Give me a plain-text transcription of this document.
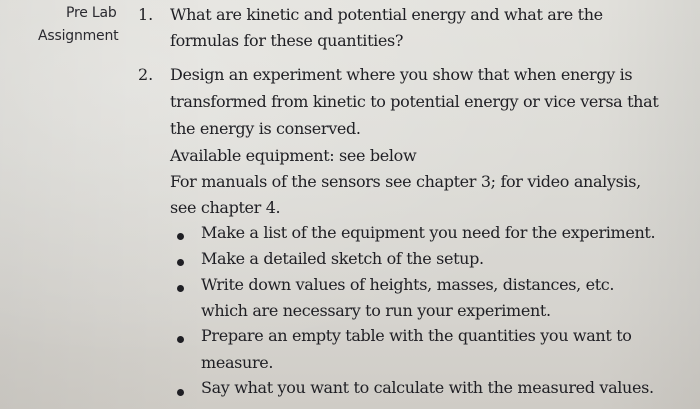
Pre Lab
Assignment
1. What are kinetic and potential energy and what are the
formulas for these quantities?
2. Design an experiment where you show that when energy is
transformed from kinetic to potential energy or vice versa that
the energy is conserved.
Available equipment: see below
For manuals of the sensors see chapter 3; for video analysis,
see chapter 4.
Make a list of the equipment you need for the experiment.
Make a detailed sketch of the setup.
Write down values of heights, masses, distances, etc.
which are necessary to run your experiment.
Prepare an empty table with the quantities you want to
measure.
Say what you want to calculate with the measured values.
